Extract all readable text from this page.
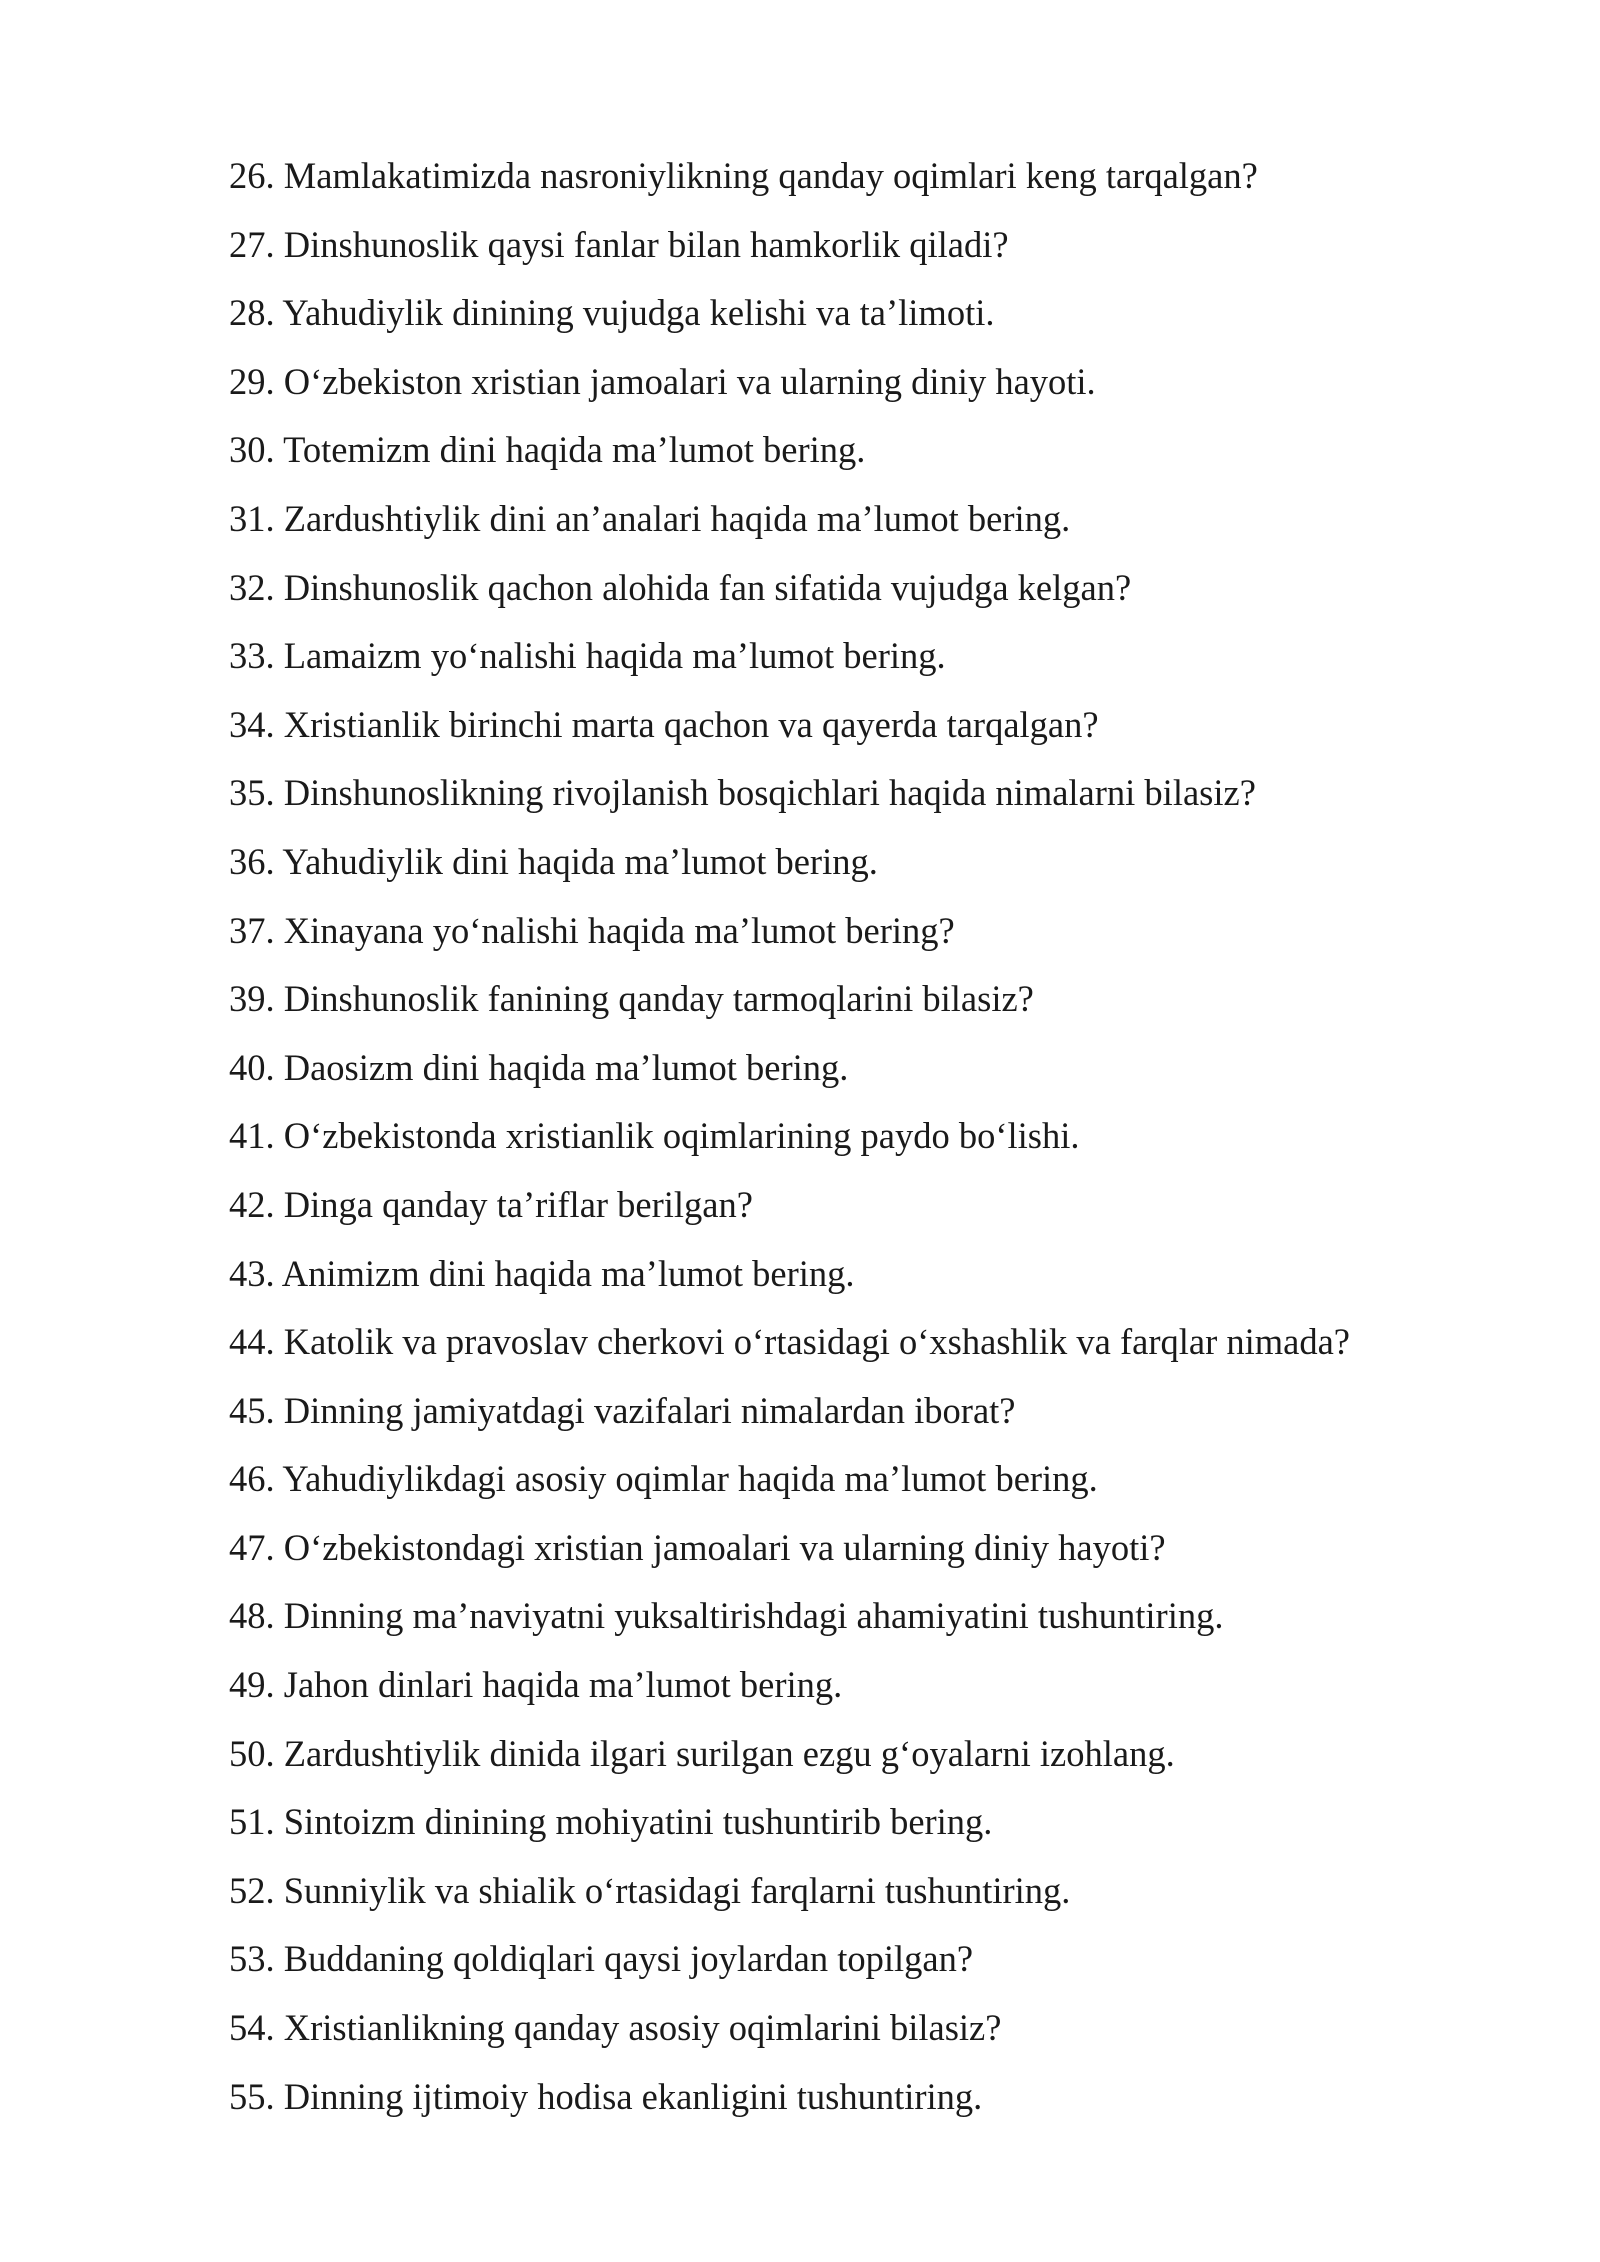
26. Mamlakatimizda nasroniylikning qanday oqimlari keng tarqalgan?
27. Dinshunoslik qaysi fanlar bilan hamkorlik qiladi?
28. Yahudiylik dinining vujudga kelishi va ta’limoti.
29. O‘zbekiston xristian jamoalari va ularning diniy hayoti.
30. Totemizm dini haqida ma’lumot bering.
31. Zardushtiylik dini an’analari haqida ma’lumot bering.
32. Dinshunoslik qachon alohida fan sifatida vujudga kelgan?
33. Lamaizm yo‘nalishi haqida ma’lumot bering.
34. Xristianlik birinchi marta qachon va qayerda tarqalgan?
35. Dinshunoslikning rivojlanish bosqichlari haqida nimalarni bilasiz?
36. Yahudiylik dini haqida ma’lumot bering.
37. Xinayana yo‘nalishi haqida ma’lumot bering?
39. Dinshunoslik fanining qanday tarmoqlarini bilasiz?
40. Daosizm dini haqida ma’lumot bering.
41. O‘zbekistonda xristianlik oqimlarining paydo bo‘lishi.
42. Dinga qanday ta’riflar berilgan?
43. Animizm dini haqida ma’lumot bering.
44. Katolik va pravoslav cherkovi o‘rtasidagi o‘xshashlik va farqlar nimada?
45. Dinning jamiyatdagi vazifalari nimalardan iborat?
46. Yahudiylikdagi asosiy oqimlar haqida ma’lumot bering.
47. O‘zbekistondagi xristian jamoalari va ularning diniy hayoti?
48. Dinning ma’naviyatni yuksaltirishdagi ahamiyatini tushuntiring.
49. Jahon dinlari haqida ma’lumot bering.
50. Zardushtiylik dinida ilgari surilgan ezgu g‘oyalarni izohlang.
51. Sintoizm dinining mohiyatini tushuntirib bering.
52. Sunniylik va shialik o‘rtasidagi farqlarni tushuntiring.
53. Buddaning qoldiqlari qaysi joylardan topilgan?
54. Xristianlikning qanday asosiy oqimlarini bilasiz?
55. Dinning ijtimoiy hodisa ekanligini tushuntiring.
